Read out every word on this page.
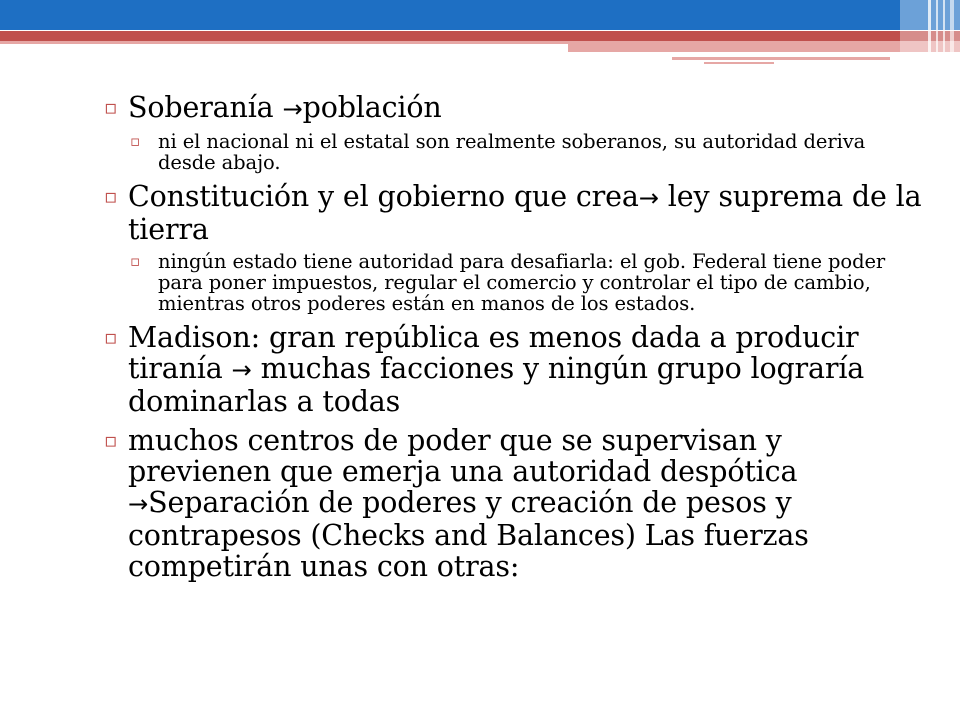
▫ Soberanía →población
▫ ni el nacional ni el estatal son realmente soberanos, su autoridad deriva desde abajo.
▫ Constitución y el gobierno que crea→ ley suprema de la tierra
▫ ningún estado tiene autoridad para desafiarla: el gob. Federal tiene poder para poner impuestos, regular el comercio y controlar el tipo de cambio, mientras otros poderes están en manos de los estados.
▫ Madison: gran república es menos dada a producir tiranía → muchas facciones y ningún grupo lograría dominarlas a todas
▫ muchos centros de poder que se supervisan y previenen que emerja una autoridad despótica →Separación de poderes y creación de pesos y contrapesos (Checks and Balances) Las fuerzas competirán unas con otras:
